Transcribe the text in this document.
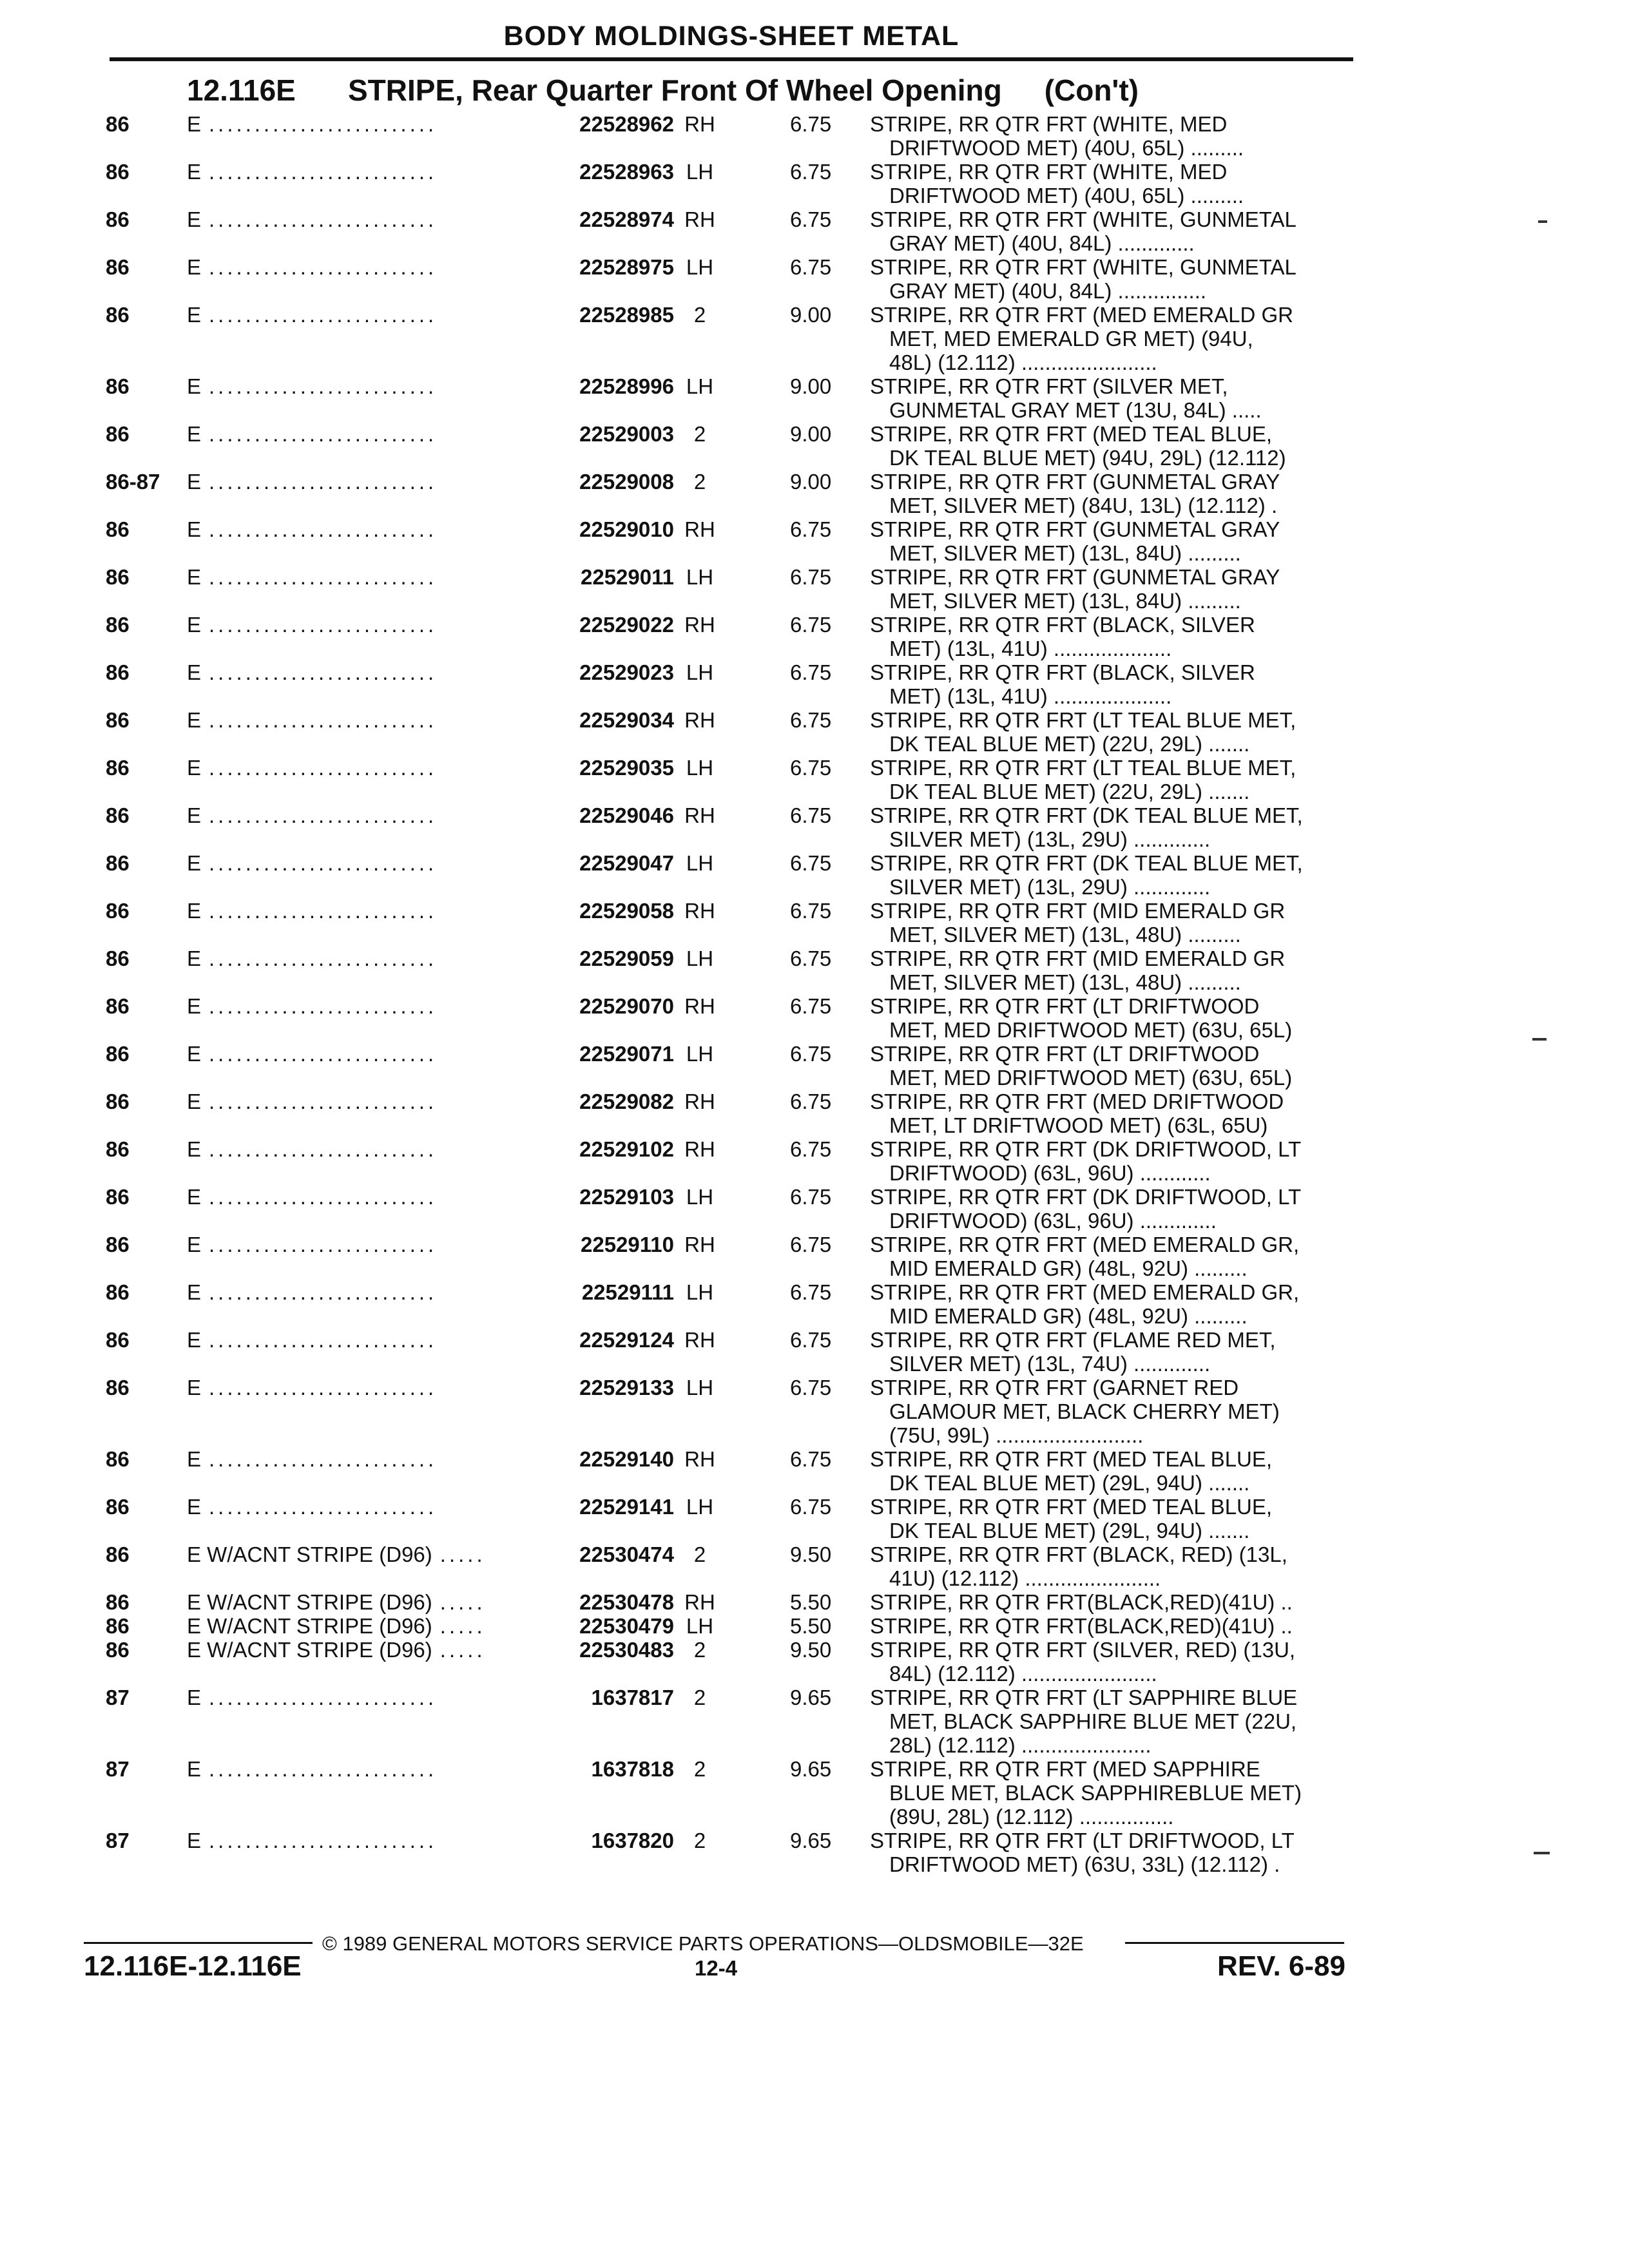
BODY MOLDINGS-SHEET METAL
12.116E STRIPE, Rear Quarter Front Of Wheel Opening (Con't)
86	E .........................	22528962 RH	6.75 STRIPE, RR QTR FRT (WHITE, MED
DRIFTWOOD MET) (40U, 65L) .........
86	E .........................	22528963 LH	6.75 STRIPE, RR QTR FRT (WHITE, MED
DRIFTWOOD MET) (40U, 65L) .........
86	E .........................	22528974 RH	6.75 STRIPE, RR QTR FRT (WHITE, GUNMETAL
GRAY MET) (40U, 84L) .............
86	E .........................	22528975 LH	6.75 STRIPE, RR QTR FRT (WHITE, GUNMETAL
GRAY MET) (40U, 84L) ...............
86	E .........................	22528985 2	9.00 STRIPE, RR QTR FRT (MED EMERALD GR
MET, MED EMERALD GR MET) (94U,
48L) (12.112) .......................
86	E .........................	22528996 LH	9.00 STRIPE, RR QTR FRT (SILVER MET,
GUNMETAL GRAY MET (13U, 84L) .....
86	E .........................	22529003 2	9.00 STRIPE, RR QTR FRT (MED TEAL BLUE,
DK TEAL BLUE MET) (94U, 29L) (12.112)
86-87 E .........................	22529008 2	9.00 STRIPE, RR QTR FRT (GUNMETAL GRAY
MET, SILVER MET) (84U, 13L) (12.112) .
86	E .........................	22529010 RH	6.75 STRIPE, RR QTR FRT (GUNMETAL GRAY
MET, SILVER MET) (13L, 84U) .........
86	E .........................	22529011 LH	6.75 STRIPE, RR QTR FRT (GUNMETAL GRAY
MET, SILVER MET) (13L, 84U) .........
86	E .........................	22529022 RH	6.75 STRIPE, RR QTR FRT (BLACK, SILVER
MET) (13L, 41U) ....................
86	E .........................	22529023 LH	6.75 STRIPE, RR QTR FRT (BLACK, SILVER
MET) (13L, 41U) ....................
86	E .........................	22529034 RH	6.75 STRIPE, RR QTR FRT (LT TEAL BLUE MET,
DK TEAL BLUE MET) (22U, 29L) .......
86	E .........................	22529035 LH	6.75 STRIPE, RR QTR FRT (LT TEAL BLUE MET,
DK TEAL BLUE MET) (22U, 29L) .......
86	E .........................	22529046 RH	6.75 STRIPE, RR QTR FRT (DK TEAL BLUE MET,
SILVER MET) (13L, 29U) .............
86	E .........................	22529047 LH	6.75 STRIPE, RR QTR FRT (DK TEAL BLUE MET,
SILVER MET) (13L, 29U) .............
86	E .........................	22529058 RH	6.75 STRIPE, RR QTR FRT (MID EMERALD GR
MET, SILVER MET) (13L, 48U) .........
86	E .........................	22529059 LH	6.75 STRIPE, RR QTR FRT (MID EMERALD GR
MET, SILVER MET) (13L, 48U) .........
86	E .........................	22529070 RH	6.75 STRIPE, RR QTR FRT (LT DRIFTWOOD
MET, MED DRIFTWOOD MET) (63U, 65L)
86	E .........................	22529071 LH	6.75 STRIPE, RR QTR FRT (LT DRIFTWOOD
MET, MED DRIFTWOOD MET) (63U, 65L)
86	E .........................	22529082 RH	6.75 STRIPE, RR QTR FRT (MED DRIFTWOOD
MET, LT DRIFTWOOD MET) (63L, 65U)
86	E .........................	22529102 RH	6.75 STRIPE, RR QTR FRT (DK DRIFTWOOD, LT
DRIFTWOOD) (63L, 96U) ............
86	E .........................	22529103 LH	6.75 STRIPE, RR QTR FRT (DK DRIFTWOOD, LT
DRIFTWOOD) (63L, 96U) .............
86	E .........................	22529110 RH	6.75 STRIPE, RR QTR FRT (MED EMERALD GR,
MID EMERALD GR) (48L, 92U) .........
86	E .........................	22529111 LH	6.75 STRIPE, RR QTR FRT (MED EMERALD GR,
MID EMERALD GR) (48L, 92U) .........
86	E .........................	22529124 RH	6.75 STRIPE, RR QTR FRT (FLAME RED MET,
SILVER MET) (13L, 74U) .............
86	E .........................	22529133 LH	6.75 STRIPE, RR QTR FRT (GARNET RED
GLAMOUR MET, BLACK CHERRY MET)
(75U, 99L) .........................
86	E .........................	22529140 RH	6.75 STRIPE, RR QTR FRT (MED TEAL BLUE,
DK TEAL BLUE MET) (29L, 94U) .......
86	E .........................	22529141 LH	6.75 STRIPE, RR QTR FRT (MED TEAL BLUE,
DK TEAL BLUE MET) (29L, 94U) .......
86	E W/ACNT STRIPE (D96) .....	22530474 2	9.50 STRIPE, RR QTR FRT (BLACK, RED) (13L,
41U) (12.112) .......................
86	E W/ACNT STRIPE (D96) .....	22530478 RH	5.50 STRIPE, RR QTR FRT(BLACK,RED)(41U) ..
86	E W/ACNT STRIPE (D96) .....	22530479 LH	5.50 STRIPE, RR QTR FRT(BLACK,RED)(41U) ..
86	E W/ACNT STRIPE (D96) .....	22530483 2	9.50 STRIPE, RR QTR FRT (SILVER, RED) (13U,
84L) (12.112) .......................
87	E .........................	1637817 2	9.65 STRIPE, RR QTR FRT (LT SAPPHIRE BLUE
MET, BLACK SAPPHIRE BLUE MET (22U,
28L) (12.112) ......................
87	E .........................	1637818 2	9.65 STRIPE, RR QTR FRT (MED SAPPHIRE
BLUE MET, BLACK SAPPHIREBLUE MET)
(89U, 28L) (12.112) ................
87	E .........................	1637820 2	9.65 STRIPE, RR QTR FRT (LT DRIFTWOOD, LT
DRIFTWOOD MET) (63U, 33L) (12.112) .
© 1989 GENERAL MOTORS SERVICE PARTS OPERATIONS—OLDSMOBILE—32E
12.116E-12.116E	12-4	REV. 6-89
